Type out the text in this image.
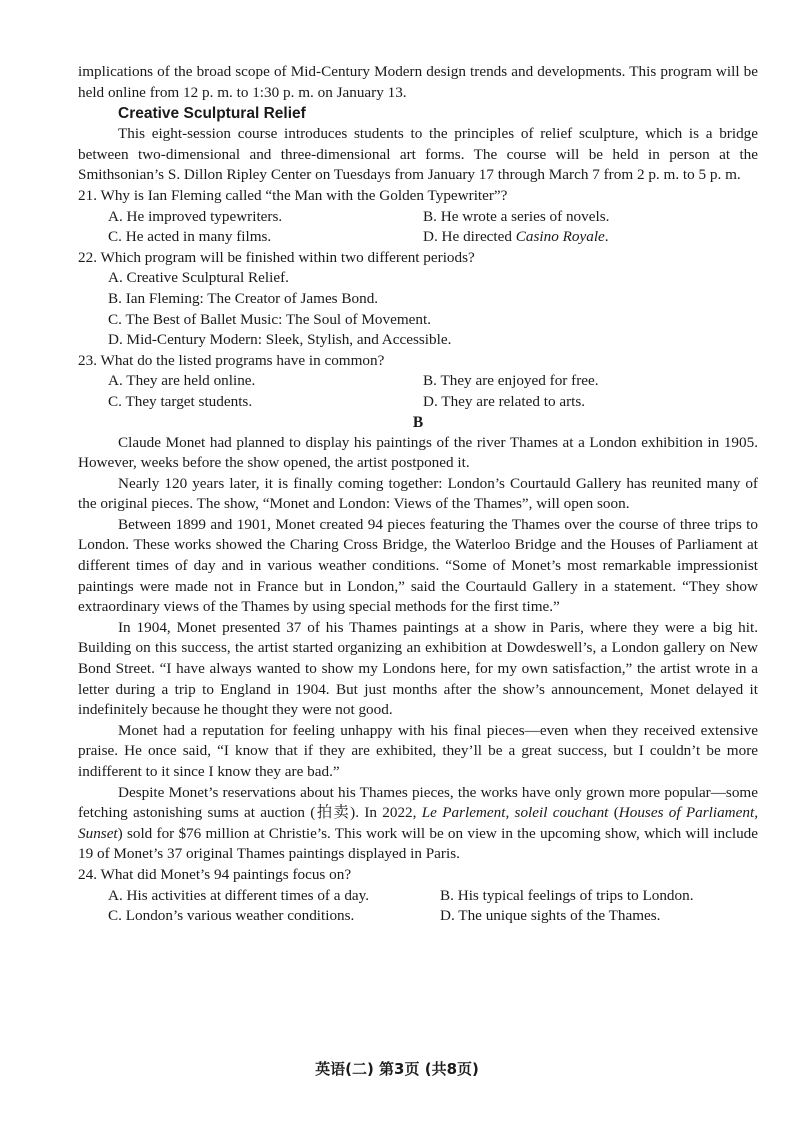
implications of the broad scope of Mid-Century Modern design trends and developments. This program will be held online from 12 p. m. to 1:30 p. m. on January 13.

Creative Sculptural Relief

This eight-session course introduces students to the principles of relief sculpture, which is a bridge between two-dimensional and three-dimensional art forms. The course will be held in person at the Smithsonian’s S. Dillon Ripley Center on Tuesdays from January 17 through March 7 from 2 p. m. to 5 p. m.

21. Why is Ian Fleming called “the Man with the Golden Typewriter”?

A. He improved typewriters.	B. He wrote a series of novels.
C. He acted in many films.	D. He directed Casino Royale.

22. Which program will be finished within two different periods?

A. Creative Sculptural Relief.
B. Ian Fleming: The Creator of James Bond.
C. The Best of Ballet Music: The Soul of Movement.
D. Mid-Century Modern: Sleek, Stylish, and Accessible.

23. What do the listed programs have in common?

A. They are held online.	B. They are enjoyed for free.
C. They target students.	D. They are related to arts.

B

Claude Monet had planned to display his paintings of the river Thames at a London exhibition in 1905. However, weeks before the show opened, the artist postponed it.

Nearly 120 years later, it is finally coming together: London’s Courtauld Gallery has reunited many of the original pieces. The show, “Monet and London: Views of the Thames”, will open soon.

Between 1899 and 1901, Monet created 94 pieces featuring the Thames over the course of three trips to London. These works showed the Charing Cross Bridge, the Waterloo Bridge and the Houses of Parliament at different times of day and in various weather conditions. “Some of Monet’s most remarkable impressionist paintings were made not in France but in London,” said the Courtauld Gallery in a statement. “They show extraordinary views of the Thames by using special methods for the first time.”

In 1904, Monet presented 37 of his Thames paintings at a show in Paris, where they were a big hit. Building on this success, the artist started organizing an exhibition at Dowdeswell’s, a London gallery on New Bond Street. “I have always wanted to show my Londons here, for my own satisfaction,” the artist wrote in a letter during a trip to England in 1904. But just months after the show’s announcement, Monet delayed it indefinitely because he thought they were not good.

Monet had a reputation for feeling unhappy with his final pieces—even when they received extensive praise. He once said, “I know that if they are exhibited, they’ll be a great success, but I couldn’t be more indifferent to it since I know they are bad.”

Despite Monet’s reservations about his Thames pieces, the works have only grown more popular—some fetching astonishing sums at auction (拍卖). In 2022, Le Parlement, soleil couchant (Houses of Parliament, Sunset) sold for $76 million at Christie’s. This work will be on view in the upcoming show, which will include 19 of Monet’s 37 original Thames paintings displayed in Paris.

24. What did Monet’s 94 paintings focus on?

A. His activities at different times of a day.	B. His typical feelings of trips to London.
C. London’s various weather conditions.	D. The unique sights of the Thames.
英语(二) 第3页 (共8页)
